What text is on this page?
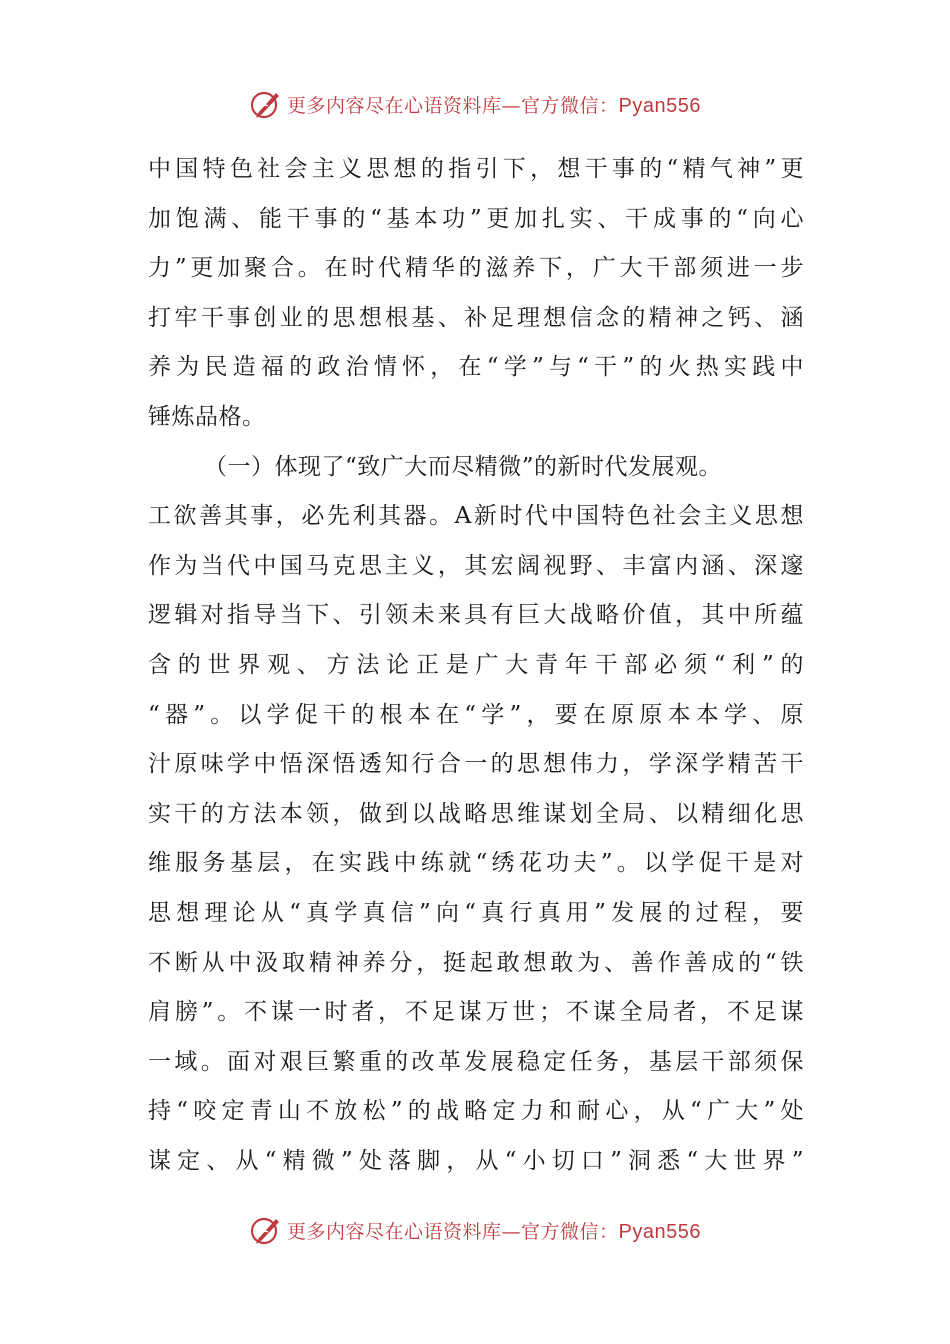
更多内容尽在心语资料库—官方微信：Pyan556
中国特色社会主义思想的指引下，想干事的“精气神”更
加饱满、能干事的“基本功”更加扎实、干成事的“向心
力”更加聚合。在时代精华的滋养下，广大干部须进一步
打牢干事创业的思想根基、补足理想信念的精神之钙、涵
养为民造福的政治情怀，在“学”与“干”的火热实践中
锤炼品格。
（一）体现了“致广大而尽精微”的新时代发展观。
工欲善其事，必先利其器。A新时代中国特色社会主义思想
作为当代中国马克思主义，其宏阔视野、丰富内涵、深邃
逻辑对指导当下、引领未来具有巨大战略价值，其中所蕴
含的世界观、方法论正是广大青年干部必须“利”的
“器”。以学促干的根本在“学”，要在原原本本学、原
汁原味学中悟深悟透知行合一的思想伟力，学深学精苦干
实干的方法本领，做到以战略思维谋划全局、以精细化思
维服务基层，在实践中练就“绣花功夫”。以学促干是对
思想理论从“真学真信”向“真行真用”发展的过程，要
不断从中汲取精神养分，挺起敢想敢为、善作善成的“铁
肩膀”。不谋一时者，不足谋万世；不谋全局者，不足谋
一域。面对艰巨繁重的改革发展稳定任务，基层干部须保
持“咬定青山不放松”的战略定力和耐心，从“广大”处
谋定、从“精微”处落脚，从“小切口”洞悉“大世界”
更多内容尽在心语资料库—官方微信：Pyan556
